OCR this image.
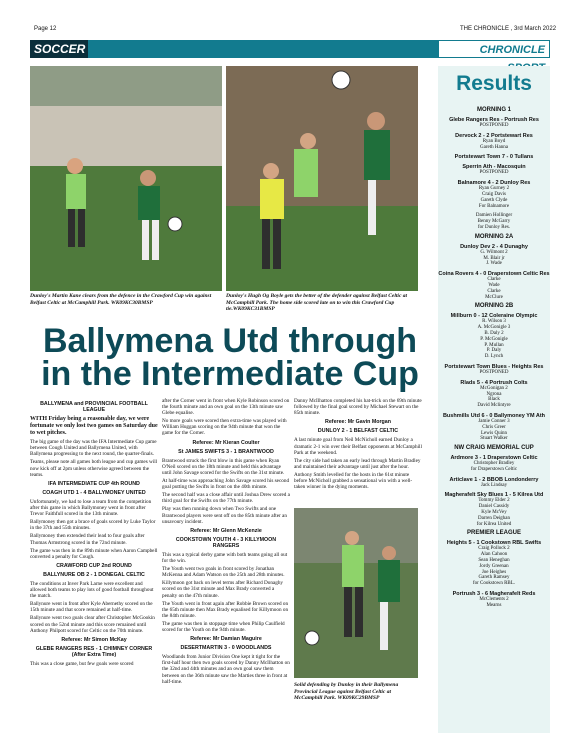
Page 12	THE CHRONICLE , 3rd March 2022
SOCCER	CHRONICLE
Dunloy's Martin Kane clears from the defence in the Crawford Cup win against Belfast Celtic at McCamphill Park. WK09KC30BMSP
Dunloy's Hugh Og Boyle gets the better of the defender against Belfast Celtic at McCamphill Park. The home side scored late on to win this Crawford Cup tie.WK09KC31BMSP
Ballymena Utd through in the Intermediate Cup
BALLYMENA and PROVINCIAL FOOTBALL LEAGUE

WITH Friday being a reasonable day, we were fortunate we only lost two games on Saturday due to wet pitches.

The big game of the day was the IFA Intermediate Cup game between Cough United and Ballymena United, with Ballymena progressing to the next round, the quarter-finals.

Teams, please note all games both league and cup games will now kick off at 2pm unless otherwise agreed between the teams.

IFA INTERMEDIATE CUP 4th ROUND
COAGH UTD 1 - 4 BALLYMONEY UNITED

Unfortunately, we had to lose a team from the competition after this game in which Ballymoney went in front after Trevor Faithfull scored in the 13th minute.

Ballymoney then got a brace of goals scored by Luke Taylor in the 37th and 55th minutes.

Ballymoney then extended their lead to four goals after Thomas Armstrong scored in the 72nd minute.

The game was then in the 89th minute when Aaron Campbell converted a penalty for Cough.

CRAWFORD CUP 2nd ROUND
BALLYNURE OB 2 - 1 DONEGAL CELTIC

The conditions at Inver Park Larne were excellent and allowed both teams to play lots of good football throughout the match.

Ballynure went in front after Kyle Abernethy scored on the 15th minute and that score remained at half-time.

Ballynure went two goals clear after Christopher McGookin scored on the 52nd minute and this score remained until Anthony Philpott scored for Celtic on the 70th minute.

Referee: Mr Simon McKay
GLEBE RANGERS RES - 1 CHIMNEY CORNER (After Extra Time)

This was a close game, but few goals were scored

after the Corner went in front when Kyle Robinson scored on the fourth minute and an own goal on the 13th minute saw Glebe equalise.

No more goals were scored then extra-time was played with William Huggan scoring on the 94th minute that won the game for the Corner.

Referee: Mr Kieran Coulter
St JAMES SWIFTS 3 - 1 BRANTWOOD

Brantwood struck the first blow in this game when Ryan O'Neil scored on the 18th minute and held this advantage until John Savage scored for the Swifts on the 31st minute.

At half-time was approaching John Savage scored his second goal putting the Swifts in front on the 40th minute.

The second half was a close affair until Joshua Drew scored a third goal for the Swifts on the 77th minute.

Play was then running down when Two Swifts and one Brantwood players were sent off on the 85th minute after an unsavoury incident.

Referee: Mr Glenn McKenzie
COOKSTOWN YOUTH 4 - 3 KILLYMOON RANGERS

This was a typical derby game with both teams going all out for the win.

The Youth went two goals in front scored by Jonathan McKenna and Adam Watson on the 25th and 28th minutes.

Killymoon got back on level terms after Richard Donaghy scored on the 31st minute and Max Brady converted a penalty on the 47th minute.

The Youth went in front again after Robbie Brown scored on the 65th minute then Max Brady equalised for Killymoon on the 84th minute.

The game was then in stoppage time when Philip Caulfield scored for the Youth on the 94th minute.

Referee: Mr Damian Maguire
DESERTMARTIN 3 - 0 WOODLANDS

Woodlands from Junior Division One kept it tight for the first-half hour then two goals scored by Danny McIlhatton on the 32nd and 44th minutes and an own goal saw them between on the 36th minute saw the Marties three in front at half-time.

Danny McIlhatton completed his hat-trick on the 69th minute followed by the final goal scored by Michael Stewart on the 85th minute.

Referee: Mr Gavin Morgan
DUNLOY 2 - 1 BELFAST CELTIC

A last minute goal from Neil McNicholl earned Dunloy a dramatic 2-1 win over their Belfast opponents at McCamphill Park at the weekend.

The city side had taken an early lead through Martin Bradley and maintained their advantage until just after the hour.

Anthony Smith levelled for the hosts in the 61st minute before McNicholl grabbed a sensational win with a well-taken winner in the dying moments.

Solid defending by Dunloy in their Ballymena Provincial League against Belfast Celtic at McCamphill Park. WK09KC29BMSP
Results
MORNING 1
Glebe Rangers Res - Portrush Res
POSTPONED
Dervock 2 - 2 Portstewart Res
Ryan Boyd
Gareth Hanna
Portstewart Town 7 - 0 Tullans
Sperrin Ath - Macosquin
POSTPONED
Balnamore 4 - 2 Dunloy Res
Ryan Gurney 2
Craig Davis
Gareth Clyde
For Balnamore
Damien Hollinger
Benny McGarry
for Dunloy Res.
MORNING 2A
Dunloy Dev 2 - 4 Dunaghy
G. Wilmont 2
M. Blair jr
J. Wade
Coina Rovers 4 - 0 Draperstown Celtic Res
Clarke
Wade
Clarke
McClure
MORNING 2B
Millburn 0 - 12 Coleraine Olympic
R. Wilson 3
A. McGonigle 3
B. Daly 2
P. McGonigle
P. Mullan
P. Daly
D. Lynch
Portstewart Town Blues - Heights Res
POSTPONED
Rlads 5 - 4 Portrush Colts
McGonigan 2
Ngrona
Black
David Mclintyre
Bushmills Utd 6 - 0 Ballymoney YM Ath
Jamie Conner 3
Chris Greer
Lewis Quinn
Stuart Walker
NW CRAIG MEMORIAL CUP
Ardmore 3 - 1 Draperstown Celtic
Christopher Bradley
for Draperstown Celtic
Articlave 1 - 2 BBOB Londonderry
Jack Lindsay
Magherafelt Sky Blues 1 - 5 Kilrea Utd
Tommy Elder 2
Daniel Cassidy
Kyle McVey
Darren Deighan
for Kilrea United
PREMIER LEAGUE
Heights 5 - 1 Cookstown RBL Swifts
Craig Pollock 2
Alan Cahoon
Sean Heneghan
Jordy Greenan
Joe Heighes
Gareth Ramsey
for Cookstown RBL.
Portrush 3 - 6 Magherafelt Reds
McClements 2
Mearns
